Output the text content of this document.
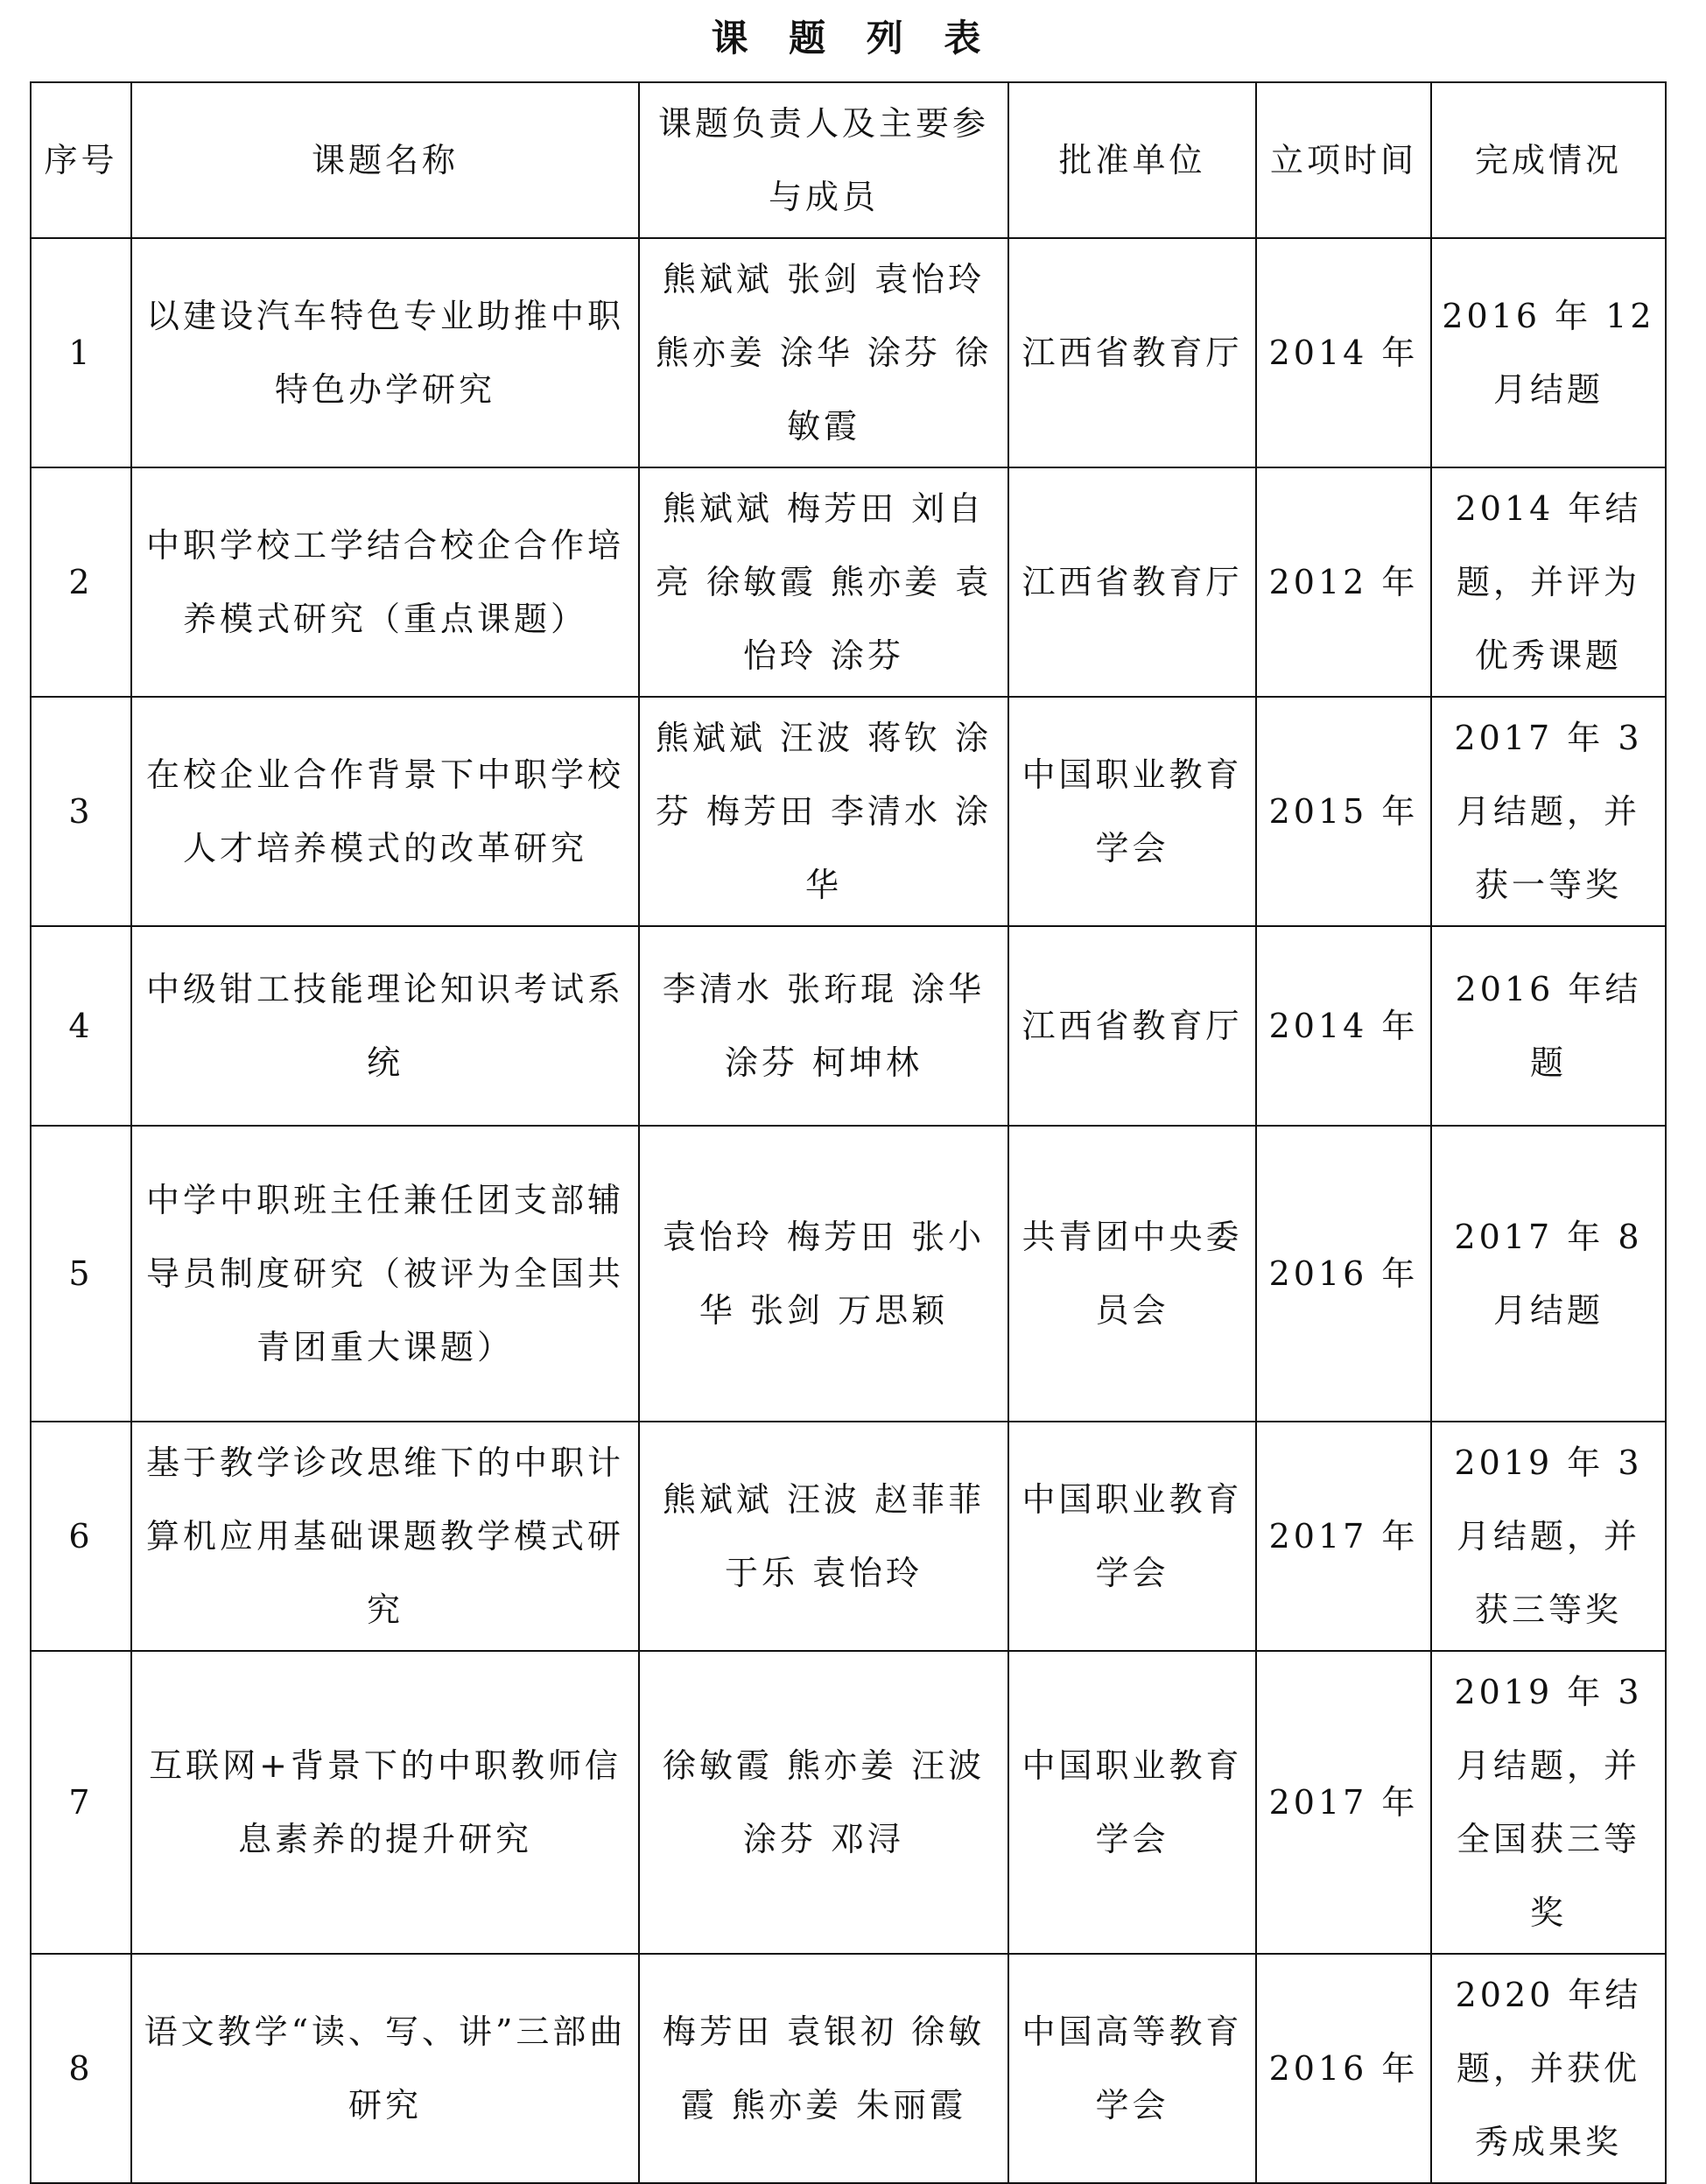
课 题 列 表
序号	课题名称	课题负责人及主要参与成员	批准单位	立项时间	完成情况
1	以建设汽车特色专业助推中职特色办学研究	熊斌斌 张剑 袁怡玲 熊亦姜 涂华 涂芬 徐敏霞	江西省教育厅	2014 年	2016 年 12 月结题
2	中职学校工学结合校企合作培养模式研究（重点课题）	熊斌斌 梅芳田 刘自亮 徐敏霞 熊亦姜 袁怡玲 涂芬	江西省教育厅	2012 年	2014 年结题，并评为优秀课题
3	在校企业合作背景下中职学校人才培养模式的改革研究	熊斌斌 汪波 蒋钦 涂芬 梅芳田 李清水 涂华	中国职业教育学会	2015 年	2017 年 3 月结题，并获一等奖
4	中级钳工技能理论知识考试系统	李清水 张珩琨 涂华 涂芬 柯坤林	江西省教育厅	2014 年	2016 年结题
5	中学中职班主任兼任团支部辅导员制度研究（被评为全国共青团重大课题）	袁怡玲 梅芳田 张小华 张剑 万思颖	共青团中央委员会	2016 年	2017 年 8 月结题
6	基于教学诊改思维下的中职计算机应用基础课题教学模式研究	熊斌斌 汪波 赵菲菲 于乐 袁怡玲	中国职业教育学会	2017 年	2019 年 3 月结题，并获三等奖
7	互联网+背景下的中职教师信息素养的提升研究	徐敏霞 熊亦姜 汪波 涂芬 邓浔	中国职业教育学会	2017 年	2019 年 3 月结题，并全国获三等奖
8	语文教学“读、写、讲”三部曲研究	梅芳田 袁银初 徐敏霞 熊亦姜 朱丽霞	中国高等教育学会	2016 年	2020 年结题，并获优秀成果奖
